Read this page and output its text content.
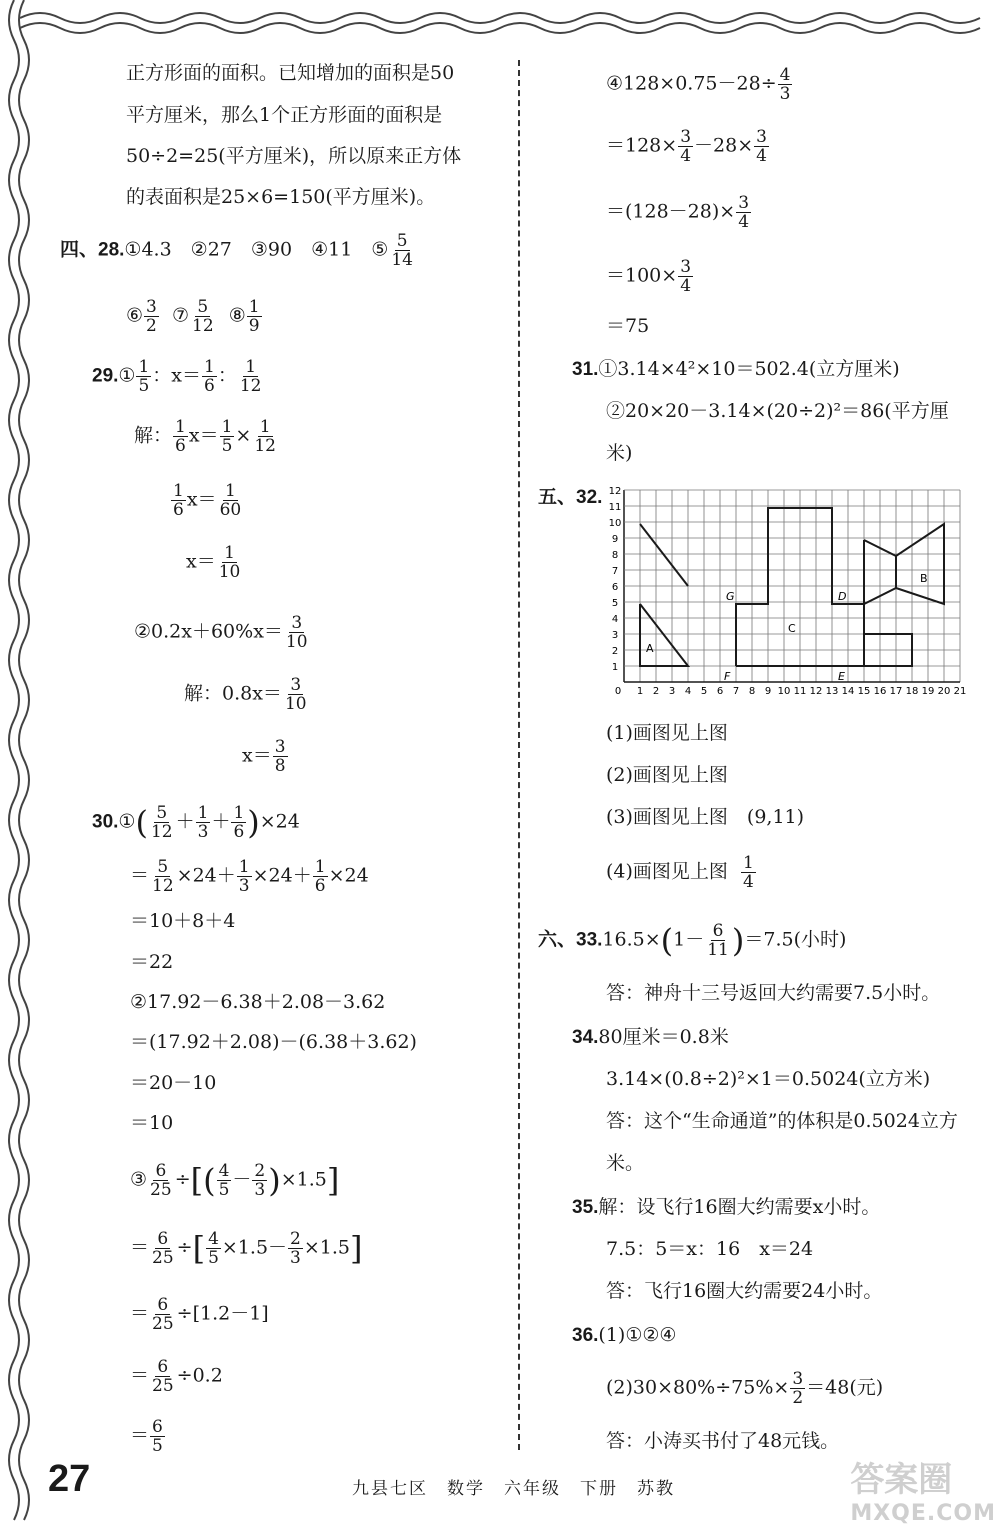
正方形面的面积。已知增加的面积是50
平方厘米，那么1个正方形面的面积是
50÷2=25(平方厘米)，所以原来正方体
的表面积是25×6=150(平方厘米)。
四、28.①4.3　②27　③90　④11　⑤ $\frac{5}{14}$
⑥ $\frac{3}{2}$ ⑦ $\frac{5}{12}$ ⑧ $\frac{1}{9}$
29.① $\frac{1}{5}$ ：$x= \frac{1}{6}$ ： $\frac{1}{12}$
解： $\frac{1}{6} x= \frac{1}{5} \times \frac{1}{12}$
$\frac{1}{6} x= \frac{1}{60}$
$x= \frac{1}{10}$
②0.2x＋60%x＝ $\frac{3}{10}$
解：$0.8x= \frac{3}{10}$
$x= \frac{3}{8}$
30.①( $\frac{5}{12} + \frac{1}{3} + \frac{1}{6} )\times 24$
＝ $\frac{5}{12} \times 24+ \frac{1}{3} \times 24+ \frac{1}{6} \times 24$
＝10＋8＋4
＝22
②17.92－6.38＋2.08－3.62
＝(17.92＋2.08)－(6.38＋3.62)
＝20－10
＝10
③ $\frac{6}{25}$ ÷[( $\frac{4}{5} - \frac{2}{3} )\times 1.5$]
＝ $\frac{6}{25}$ ÷[ $\frac{4}{5} \times 1.5- \frac{2}{3} \times 1.5$]
＝ $\frac{6}{25} \div[1.2-1]$
＝ $\frac{6}{25} \div 0.2$
＝ $\frac{6}{5}$
④128×0.75－28÷ $\frac{4}{3}$
$=128\times \frac{3}{4} -28\times \frac{3}{4}$
$=(128-28)\times \frac{3}{4}$
$=100\times \frac{3}{4}$
＝75
31.①3.14×4²×10＝502.4(立方厘米)
②20×20－3.14×(20÷2)²＝86(平方厘
米)
五、32.
0 1 2 3 4 5 6 7 8 9 10 11 12 13 14 15 16 17 18 19 20 21
1
2
3
4
5
6
7
8
9
10
11
12
A
B
C
D
E
F
G
(1)画图见上图
(2)画图见上图
(3)画图见上图　(9,11)
(4)画图见上图 $\frac{1}{4}$
六、$33.16.5\times(1- \frac{6}{11} )=7.5$(小时)
答：神舟十三号返回大约需要7.5小时。
34.80厘米＝0.8米
3.14×(0.8÷2)²×1＝0.5024(立方米)
答：这个“生命通道”的体积是0.5024立方
米。
35.解：设飞行16圈大约需要x小时。
7.5：5＝x：16　x＝24
答：飞行16圈大约需要24小时。
36.(1)①②④
$(2)30\times 80\%\div 75\%\times \frac{3}{2} =48$(元)
答：小涛买书付了48元钱。
27	九县七区　数学　六年级　下册　苏教	答案圈
MXQE.COM
